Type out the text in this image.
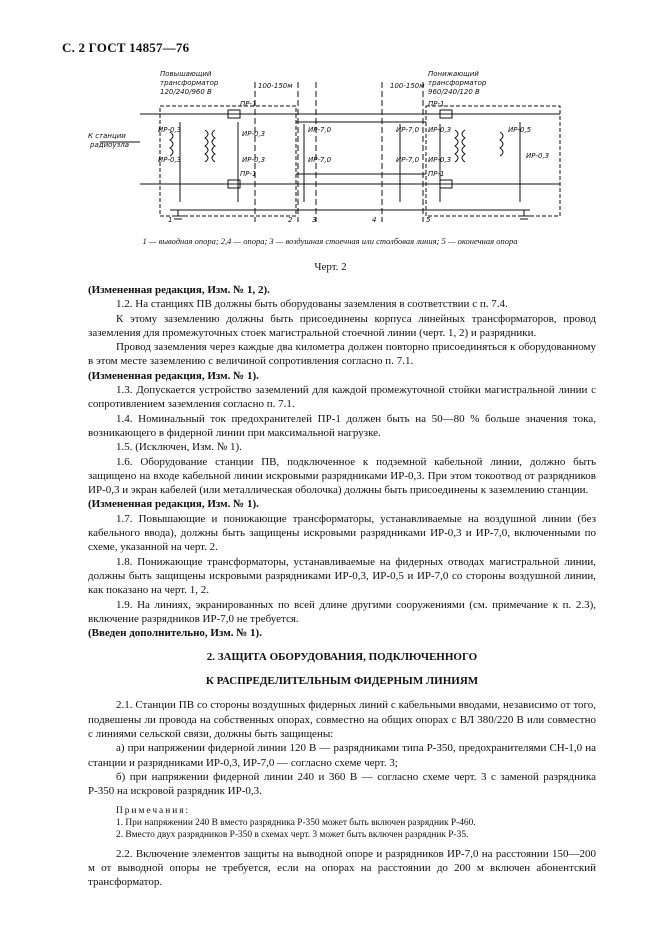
С. 2 ГОСТ 14857—76
Повышающий
трансформатор
120/240/960 В
Понижающий
трансформатор
960/240/120 В
К станции
радиоузла
100-150м	100-150м
ПР-1
ПР-1
ПР-1
ПР-1
ИР-0,3
ИР-0,3
ИР-0,3
ИР-0,3
ИР-7,0
ИР-7,0
ИР-7,0
ИР-7,0
ИР-0,3
ИР-0,3
ИР-0,5
ИР-0,3
1	2	3	4	5
1 — выводная опора; 2,4 — опора; 3 — воздушная стоечная или столбовая линия; 5 — оконечная опора
Черт. 2

(Измененная редакция, Изм. № 1, 2).

1.2. На станциях ПВ должны быть оборудованы заземления в соответствии с п. 7.4.

К этому заземлению должны быть присоединены корпуса линейных трансформаторов, провод заземления для промежуточных стоек магистральной стоечной линии (черт. 1, 2) и разрядники.

Провод заземления через каждые два километра должен повторно присоединяться к оборудованному в этом месте заземлению с величиной сопротивления согласно п. 7.1.

(Измененная редакция, Изм. № 1).

1.3. Допускается устройство заземлений для каждой промежуточной стойки магистральной линии с сопротивлением заземления согласно п. 7.1.

1.4. Номинальный ток предохранителей ПР-1 должен быть на 50—80 % больше значения тока, возникающего в фидерной линии при максимальной нагрузке.

1.5. (Исключен, Изм. № 1).

1.6. Оборудование станции ПВ, подключенное к подземной кабельной линии, должно быть защищено на входе кабельной линии искровыми разрядниками ИР-0,3. При этом токоотвод от разрядников ИР-0,3 и экран кабелей (или металлическая оболочка) должны быть присоединены к заземлению станции.

(Измененная редакция, Изм. № 1).

1.7. Повышающие и понижающие трансформаторы, устанавливаемые на воздушной линии (без кабельного ввода), должны быть защищены искровыми разрядниками ИР-0,3 и ИР-7,0, включенными по схеме, указанной на черт. 2.

1.8. Понижающие трансформаторы, устанавливаемые на фидерных отводах магистральной линии, должны быть защищены искровыми разрядниками ИР-0,3, ИР-0,5 и ИР-7,0 со стороны воздушной линии, как показано на черт. 1, 2.

1.9. На линиях, экранированных по всей длине другими сооружениями (см. примечание к п. 2.3), включение разрядников ИР-7,0 не требуется.

(Введен дополнительно, Изм. № 1).

2. ЗАЩИТА ОБОРУДОВАНИЯ, ПОДКЛЮЧЕННОГО

К РАСПРЕДЕЛИТЕЛЬНЫМ ФИДЕРНЫМ ЛИНИЯМ

2.1. Станции ПВ со стороны воздушных фидерных линий с кабельными вводами, независимо от того, подвешены ли провода на собственных опорах, совместно на общих опорах с ВЛ 380/220 В или совместно с линиями сельской связи, должны быть защищены:

а) при напряжении фидерной линии 120 В — разрядниками типа Р-350, предохранителями СН-1,0 на станции и разрядниками ИР-0,3, ИР-7,0 — согласно схеме черт. 3;

б) при напряжении фидерной линии 240 и 360 В — согласно схеме черт. 3 с заменой разрядника Р-350 на искровой разрядник ИР-0,3.

Примечания:

1. При напряжении 240 В вместо разрядника Р-350 может быть включен разрядник Р-460.

2. Вместо двух разрядников Р-350 в схемах черт. 3 может быть включен разрядник Р-35.

2.2. Включение элементов защиты на выводной опоре и разрядников ИР-7,0 на расстоянии 150—200 м от выводной опоры не требуется, если на опорах на расстоянии до 200 м включен абонентский трансформатор.
